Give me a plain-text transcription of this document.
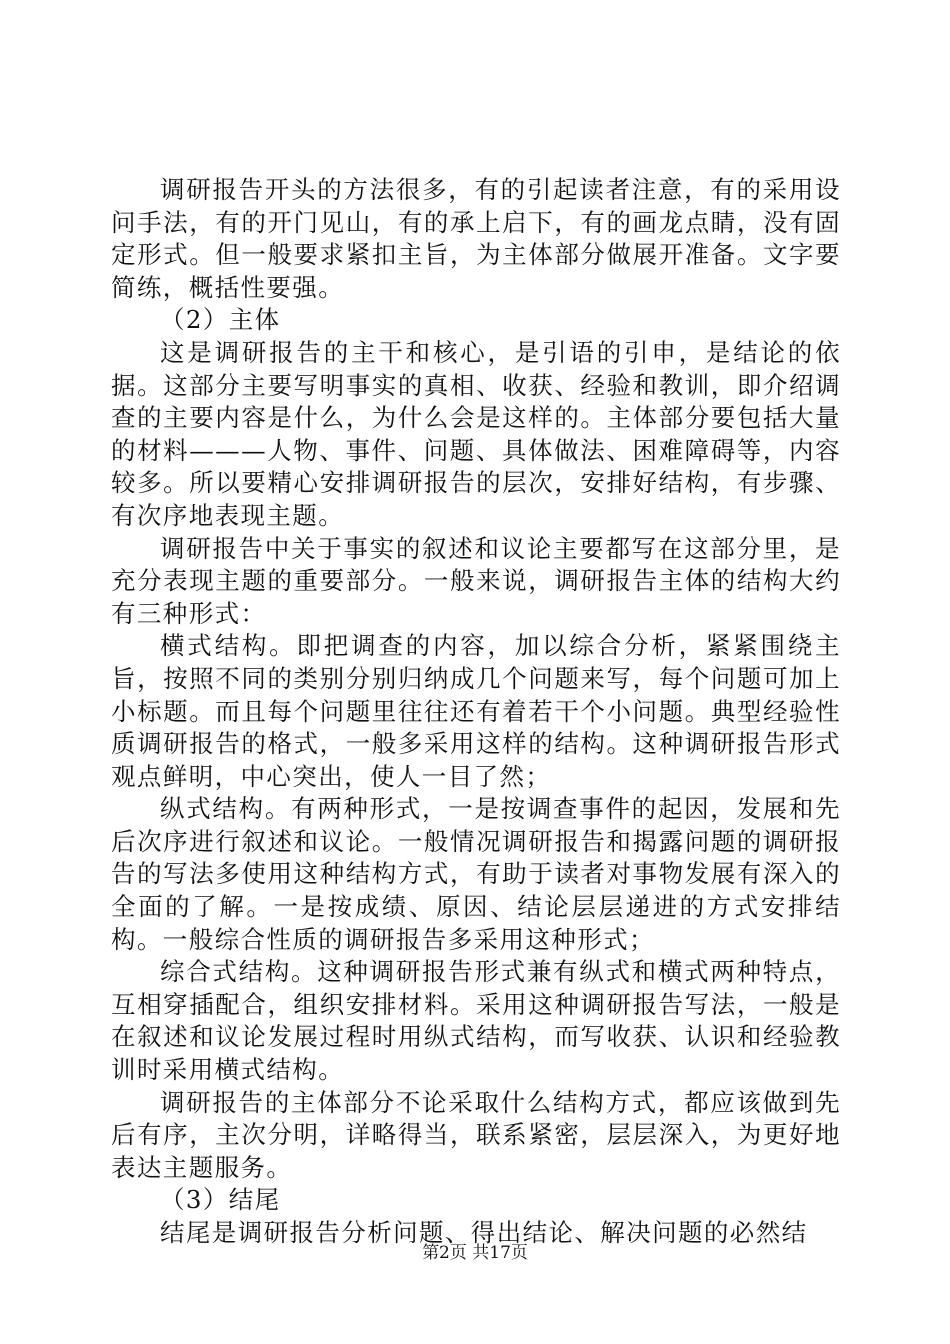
调研报告开头的方法很多，有的引起读者注意，有的采用设问手法，有的开门见山，有的承上启下，有的画龙点睛，没有固定形式。但一般要求紧扣主旨，为主体部分做展开准备。文字要简练，概括性要强。

（2）主体

这是调研报告的主干和核心，是引语的引申，是结论的依据。这部分主要写明事实的真相、收获、经验和教训，即介绍调查的主要内容是什么，为什么会是这样的。主体部分要包括大量的材料———人物、事件、问题、具体做法、困难障碍等，内容较多。所以要精心安排调研报告的层次，安排好结构，有步骤、有次序地表现主题。

调研报告中关于事实的叙述和议论主要都写在这部分里，是充分表现主题的重要部分。一般来说，调研报告主体的结构大约有三种形式：

横式结构。即把调查的内容，加以综合分析，紧紧围绕主旨，按照不同的类别分别归纳成几个问题来写，每个问题可加上小标题。而且每个问题里往往还有着若干个小问题。典型经验性质调研报告的格式，一般多采用这样的结构。这种调研报告形式观点鲜明，中心突出，使人一目了然；

纵式结构。有两种形式，一是按调查事件的起因，发展和先后次序进行叙述和议论。一般情况调研报告和揭露问题的调研报告的写法多使用这种结构方式，有助于读者对事物发展有深入的全面的了解。一是按成绩、原因、结论层层递进的方式安排结构。一般综合性质的调研报告多采用这种形式；

综合式结构。这种调研报告形式兼有纵式和横式两种特点，互相穿插配合，组织安排材料。采用这种调研报告写法，一般是在叙述和议论发展过程时用纵式结构，而写收获、认识和经验教训时采用横式结构。

调研报告的主体部分不论采取什么结构方式，都应该做到先后有序，主次分明，详略得当，联系紧密，层层深入，为更好地表达主题服务。

（3）结尾

结尾是调研报告分析问题、得出结论、解决问题的必然结

第2页 共17页
